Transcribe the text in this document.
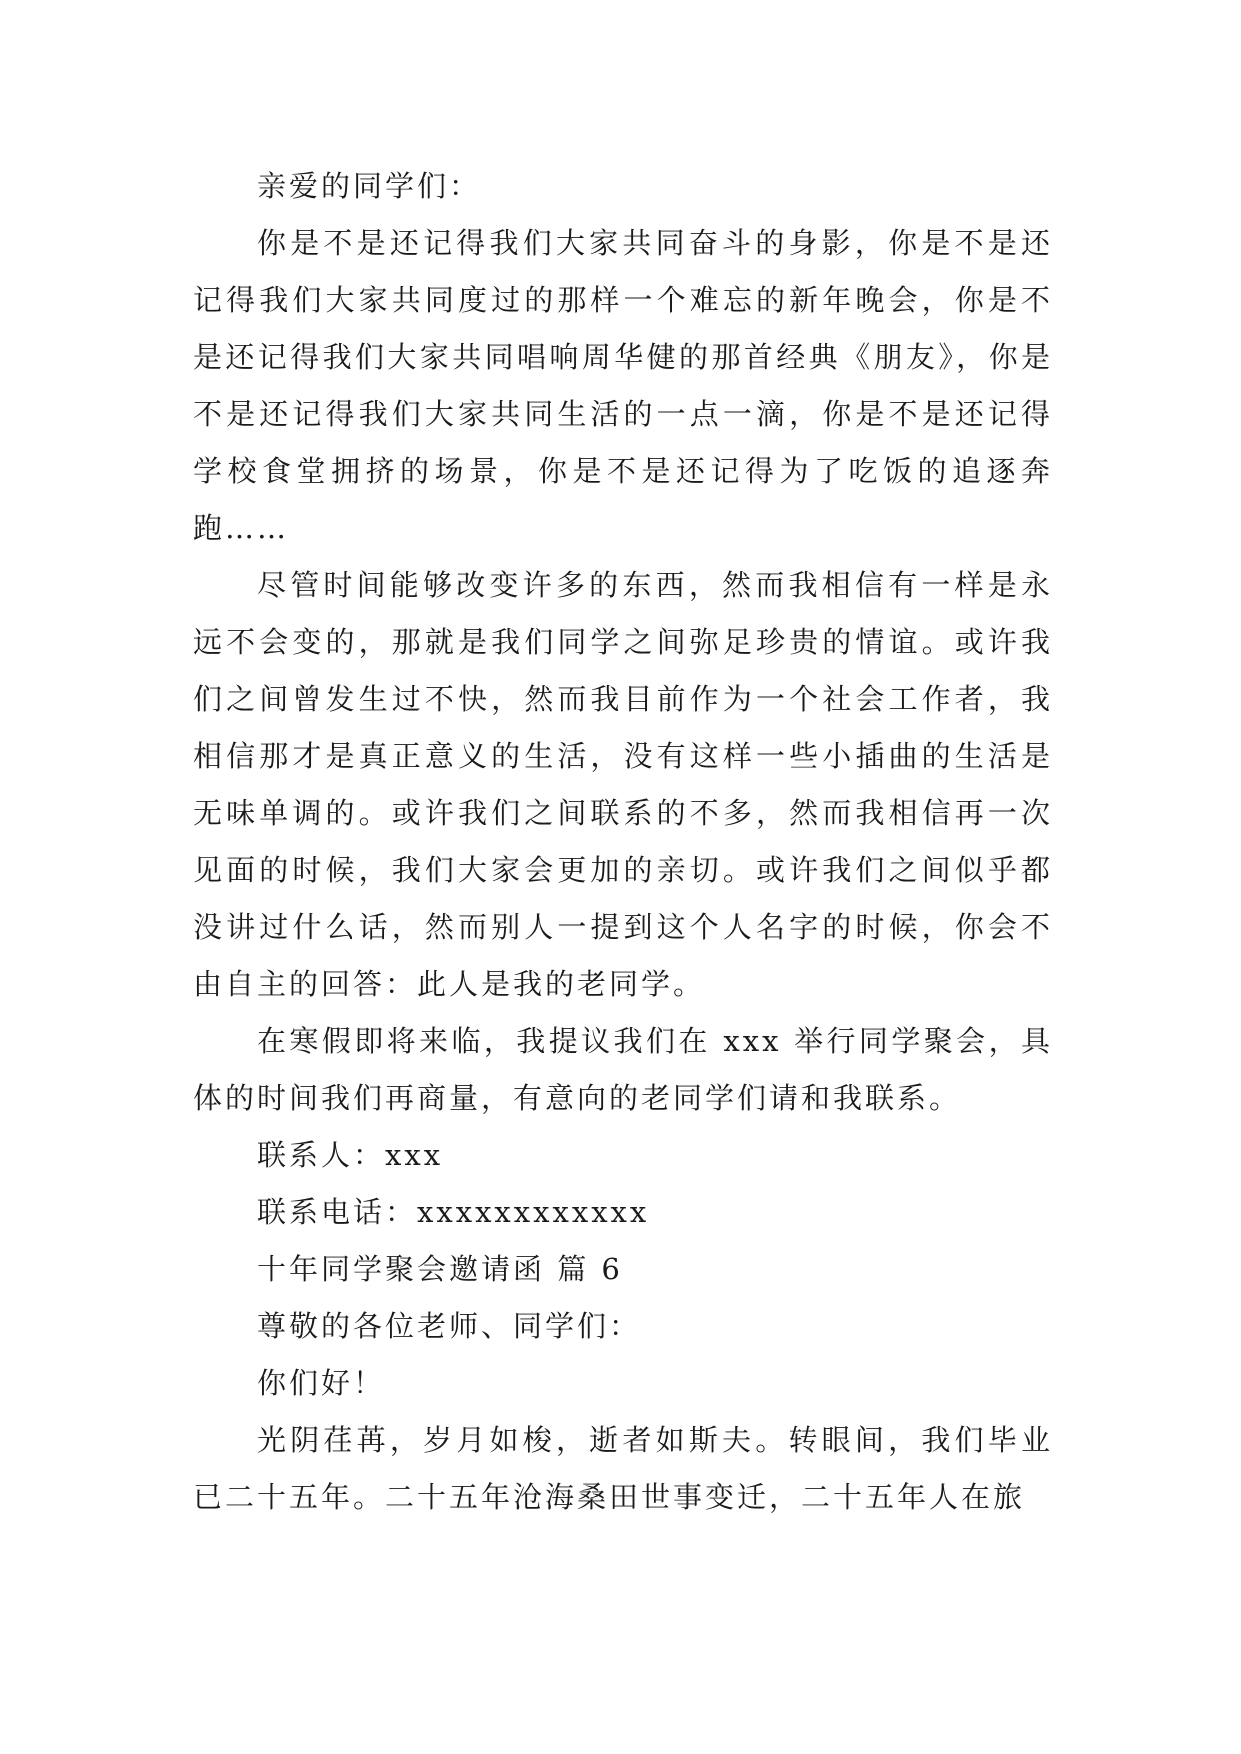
亲爱的同学们：

你是不是还记得我们大家共同奋斗的身影，你是不是还记得我们大家共同度过的那样一个难忘的新年晚会，你是不是还记得我们大家共同唱响周华健的那首经典《朋友》，你是不是还记得我们大家共同生活的一点一滴，你是不是还记得学校食堂拥挤的场景，你是不是还记得为了吃饭的追逐奔跑……

尽管时间能够改变许多的东西，然而我相信有一样是永远不会变的，那就是我们同学之间弥足珍贵的情谊。或许我们之间曾发生过不快，然而我目前作为一个社会工作者，我相信那才是真正意义的生活，没有这样一些小插曲的生活是无味单调的。或许我们之间联系的不多，然而我相信再一次见面的时候，我们大家会更加的亲切。或许我们之间似乎都没讲过什么话，然而别人一提到这个人名字的时候，你会不由自主的回答：此人是我的老同学。

在寒假即将来临，我提议我们在 xxx 举行同学聚会，具体的时间我们再商量，有意向的老同学们请和我联系。

联系人：xxx

联系电话：xxxxxxxxxxxx

十年同学聚会邀请函 篇 6

尊敬的各位老师、同学们：

你们好！

光阴荏苒，岁月如梭，逝者如斯夫。转眼间，我们毕业已二十五年。二十五年沧海桑田世事变迁，二十五年人在旅
